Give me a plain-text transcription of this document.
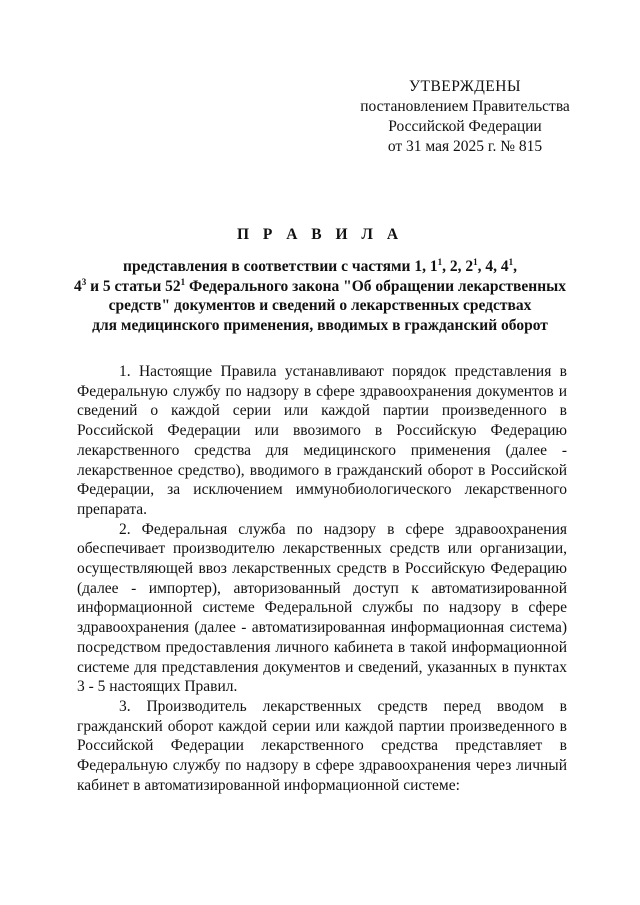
УТВЕРЖДЕНЫ
постановлением Правительства
Российской Федерации
от 31 мая 2025 г. № 815
П Р А В И Л А
представления в соответствии с частями 1, $1^1$, 2, $2^1$, 4, $4^1$,
$4^3$ и 5 статьи $52^1$ Федерального закона "Об обращении лекарственных
средств" документов и сведений о лекарственных средствах
для медицинского применения, вводимых в гражданский оборот

1. Настоящие Правила устанавливают порядок представления в Федеральную службу по надзору в сфере здравоохранения документов и сведений о каждой серии или каждой партии произведенного в Российской Федерации или ввозимого в Российскую Федерацию лекарственного средства для медицинского применения (далее - лекарственное средство), вводимого в гражданский оборот в Российской Федерации, за исключением иммунобиологического лекарственного препарата.

2. Федеральная служба по надзору в сфере здравоохранения обеспечивает производителю лекарственных средств или организации, осуществляющей ввоз лекарственных средств в Российскую Федерацию (далее - импортер), авторизованный доступ к автоматизированной информационной системе Федеральной службы по надзору в сфере здравоохранения (далее - автоматизированная информационная система) посредством предоставления личного кабинета в такой информационной системе для представления документов и сведений, указанных в пунктах 3 - 5 настоящих Правил.

3. Производитель лекарственных средств перед вводом в гражданский оборот каждой серии или каждой партии произведенного в Российской Федерации лекарственного средства представляет в Федеральную службу по надзору в сфере здравоохранения через личный кабинет в автоматизированной информационной системе:
